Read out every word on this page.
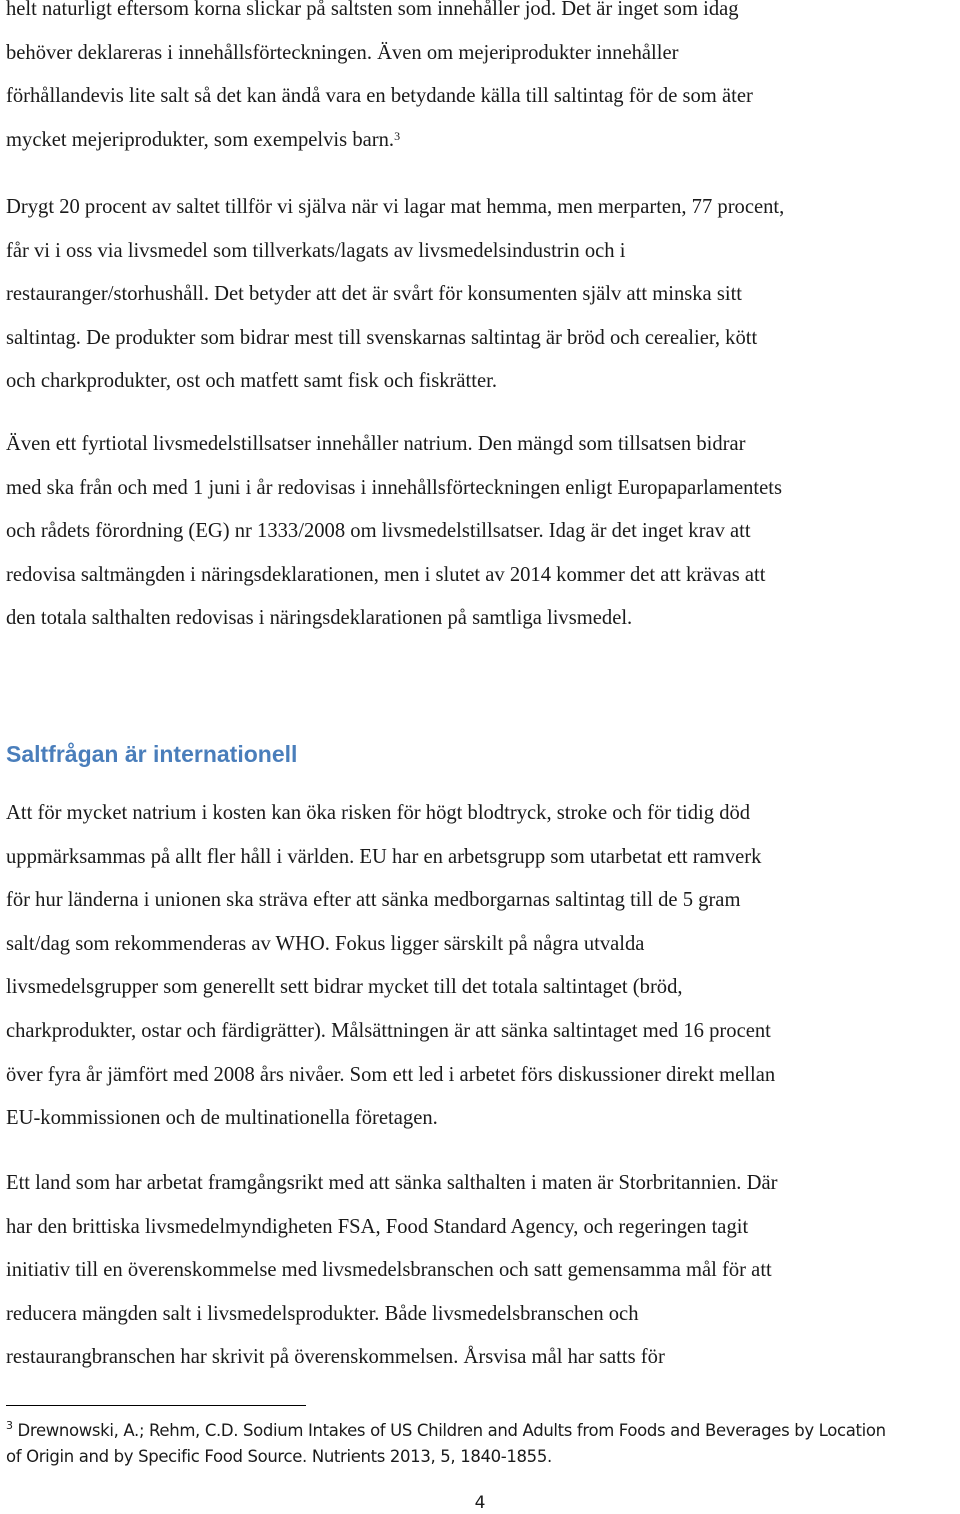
helt naturligt eftersom korna slickar på saltsten som innehåller jod. Det är inget som idag
behöver deklareras i innehållsförteckningen. Även om mejeriprodukter innehåller
förhållandevis lite salt så det kan ändå vara en betydande källa till saltintag för de som äter
mycket mejeriprodukter, som exempelvis barn.$^3$

Drygt 20 procent av saltet tillför vi själva när vi lagar mat hemma, men merparten, 77 procent,
får vi i oss via livsmedel som tillverkats/lagats av livsmedelsindustrin och i
restauranger/storhushåll. Det betyder att det är svårt för konsumenten själv att minska sitt
saltintag. De produkter som bidrar mest till svenskarnas saltintag är bröd och cerealier, kött
och charkprodukter, ost och matfett samt fisk och fiskrätter.

Även ett fyrtiotal livsmedelstillsatser innehåller natrium. Den mängd som tillsatsen bidrar
med ska från och med 1 juni i år redovisas i innehållsförteckningen enligt Europaparlamentets
och rådets förordning (EG) nr 1333/2008 om livsmedelstillsatser. Idag är det inget krav att
redovisa saltmängden i näringsdeklarationen, men i slutet av 2014 kommer det att krävas att
den totala salthalten redovisas i näringsdeklarationen på samtliga livsmedel.

Saltfrågan är internationell

Att för mycket natrium i kosten kan öka risken för högt blodtryck, stroke och för tidig död
uppmärksammas på allt fler håll i världen. EU har en arbetsgrupp som utarbetat ett ramverk
för hur länderna i unionen ska sträva efter att sänka medborgarnas saltintag till de 5 gram
salt/dag som rekommenderas av WHO. Fokus ligger särskilt på några utvalda
livsmedelsgrupper som generellt sett bidrar mycket till det totala saltintaget (bröd,
charkprodukter, ostar och färdigrätter). Målsättningen är att sänka saltintaget med 16 procent
över fyra år jämfört med 2008 års nivåer. Som ett led i arbetet förs diskussioner direkt mellan
EU-kommissionen och de multinationella företagen.

Ett land som har arbetat framgångsrikt med att sänka salthalten i maten är Storbritannien. Där
har den brittiska livsmedelmyndigheten FSA, Food Standard Agency, och regeringen tagit
initiativ till en överenskommelse med livsmedelsbranschen och satt gemensamma mål för att
reducera mängden salt i livsmedelsprodukter. Både livsmedelsbranschen och
restaurangbranschen har skrivit på överenskommelsen. Årsvisa mål har satts för

$^3$ Drewnowski, A.; Rehm, C.D. Sodium Intakes of US Children and Adults from Foods and Beverages by Location
of Origin and by Specific Food Source. Nutrients 2013, 5, 1840-1855.

4
